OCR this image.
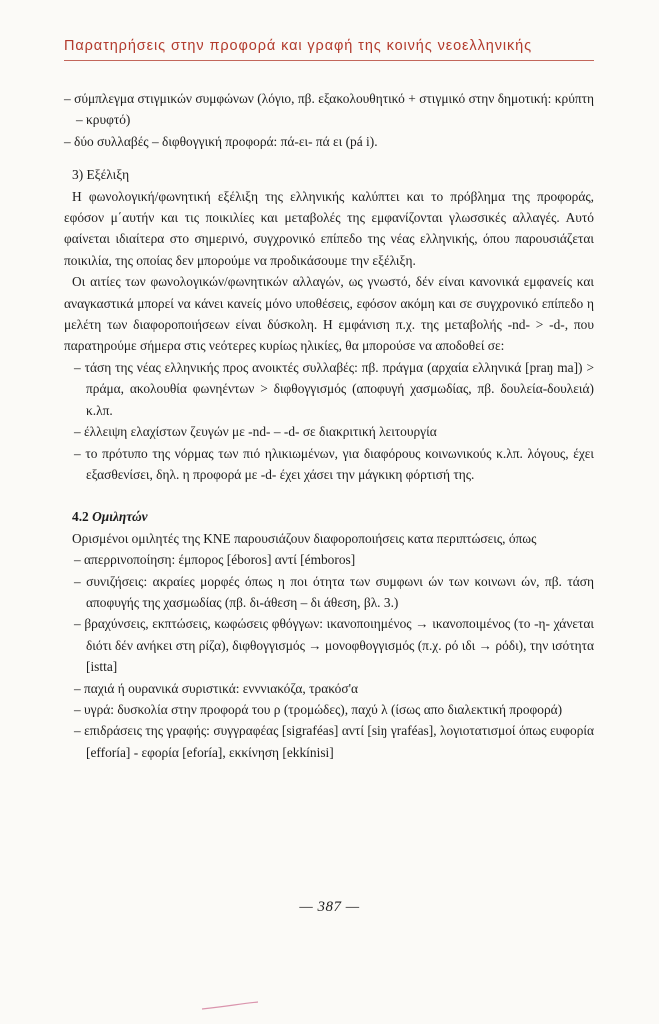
Παρατηρήσεις στην προφορά και γραφή της κοινής νεοελληνικής

– σύμπλεγμα στιγμικών συμφώνων (λόγιο, πβ. εξακολουθητικό + στιγμικό στην δημοτική: κρύπτη – κρυφτό)

– δύο συλλαβές – διφθογγική προφορά: πά-ει- πά ει (pá i).

3) Εξέλιξη

Η φωνολογική/φωνητική εξέλιξη της ελληνικής καλύπτει και το πρόβλημα της προφοράς, εφόσον μ΄αυτήν και τις ποικιλίες και μεταβολές της εμφανίζονται γλωσσικές αλλαγές. Αυτό φαίνεται ιδιαίτερα στο σημερινό, συγχρονικό επίπεδο της νέας ελληνικής, όπου παρουσιάζεται ποικιλία, της οποίας δεν μπορούμε να προδικάσουμε την εξέλιξη.

Οι αιτίες των φωνολογικών/φωνητικών αλλαγών, ως γνωστό, δέν είναι κανονικά εμφανείς και αναγκαστικά μπορεί να κάνει κανείς μόνο υποθέσεις, εφόσον ακόμη και σε συγχρονικό επίπεδο η μελέτη των διαφοροποιήσεων είναι δύσκολη. Η εμφάνιση π.χ. της μεταβολής -nd- > -d-, που παρατηρούμε σήμερα στις νεότερες κυρίως ηλικίες, θα μπορούσε να αποδοθεί σε:

– τάση της νέας ελληνικής προς ανοικτές συλλαβές: πβ. πράγμα (αρχαία ελληνικά [praŋ ma]) > πράμα, ακολουθία φωνηέντων > διφθογγισμός (αποφυγή χασμωδίας, πβ. δουλεία-δουλειά) κ.λπ.

– έλλειψη ελαχίστων ζευγών με -nd- – -d- σε διακριτική λειτουργία

– το πρότυπο της νόρμας των πιό ηλικιωμένων, για διαφόρους κοινωνικούς κ.λπ. λόγους, έχει εξασθενίσει, δηλ. η προφορά με -d- έχει χάσει την μάγκικη φόρτισή της.

4.2 Ομιλητών

Ορισμένοι ομιλητές της ΚΝΕ παρουσιάζουν διαφοροποιήσεις κατα περιπτώσεις, όπως

– απερρινοποίηση: έμπορος [éboros] αντί [émboros]

– συνιζήσεις: ακραίες μορφές όπως η ποι ότητα των συμφωνι ών των κοινωνι ών, πβ. τάση αποφυγής της χασμωδίας (πβ. δι-άθεση – δι άθεση, βλ. 3.)

– βραχύνσεις, εκπτώσεις, κωφώσεις φθόγγων: ικανοποιημένος → ικανοποιμένος (το -η- χάνεται διότι δέν ανήκει στη ρίζα), διφθογγισμός → μονοφθογγισμός (π.χ. ρό ιδι → ρόδι), την ισότητα [istta]

– παχιά ή ουρανικά συριστικά: ενννιακόζα, τρακόσ'α

– υγρά: δυσκολία στην προφορά του ρ (τρομώδες), παχύ λ (ίσως απο διαλεκτική προφορά)

– επιδράσεις της γραφής: συγγραφέας [sigraféas] αντί [siŋ γraféas], λογιοτατισμοί όπως ευφορία [efforía] - εφορία [eforía], εκκίνηση [ekkínisi]

— 387 —
